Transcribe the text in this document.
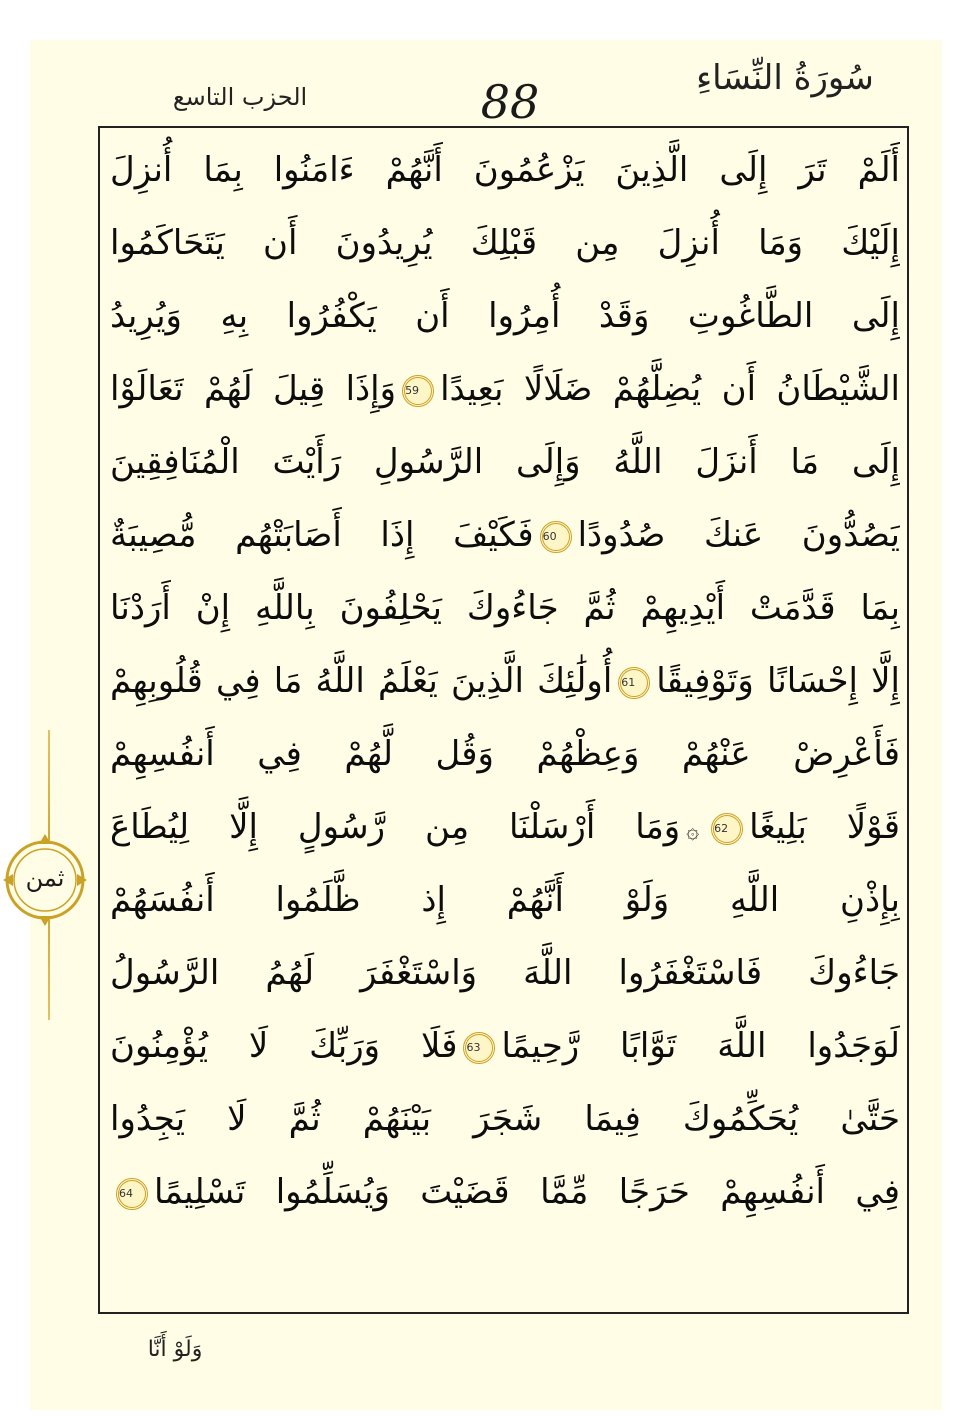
سُورَةُ النِّسَاءِ
88
الحزب التاسع
أَلَمْ تَرَ إِلَى الَّذِينَ يَزْعُمُونَ أَنَّهُمْ ءَامَنُوا بِمَا أُنزِلَ
إِلَيْكَ وَمَا أُنزِلَ مِن قَبْلِكَ يُرِيدُونَ أَن يَتَحَاكَمُوا
إِلَى الطَّاغُوتِ وَقَدْ أُمِرُوا أَن يَكْفُرُوا بِهِ وَيُرِيدُ
الشَّيْطَانُ أَن يُضِلَّهُمْ ضَلَالًا بَعِيدًا59وَإِذَا قِيلَ لَهُمْ تَعَالَوْا
إِلَى مَا أَنزَلَ اللَّهُ وَإِلَى الرَّسُولِ رَأَيْتَ الْمُنَافِقِينَ
يَصُدُّونَ عَنكَ صُدُودًا60فَكَيْفَ إِذَا أَصَابَتْهُم مُّصِيبَةٌ
بِمَا قَدَّمَتْ أَيْدِيهِمْ ثُمَّ جَاءُوكَ يَحْلِفُونَ بِاللَّهِ إِنْ أَرَدْنَا
إِلَّا إِحْسَانًا وَتَوْفِيقًا61أُولَٰئِكَ الَّذِينَ يَعْلَمُ اللَّهُ مَا فِي قُلُوبِهِمْ
فَأَعْرِضْ عَنْهُمْ وَعِظْهُمْ وَقُل لَّهُمْ فِي أَنفُسِهِمْ
قَوْلًا بَلِيغًا62۞وَمَا أَرْسَلْنَا مِن رَّسُولٍ إِلَّا لِيُطَاعَ
بِإِذْنِ اللَّهِ وَلَوْ أَنَّهُمْ إِذ ظَّلَمُوا أَنفُسَهُمْ
جَاءُوكَ فَاسْتَغْفَرُوا اللَّهَ وَاسْتَغْفَرَ لَهُمُ الرَّسُولُ
لَوَجَدُوا اللَّهَ تَوَّابًا رَّحِيمًا63فَلَا وَرَبِّكَ لَا يُؤْمِنُونَ
حَتَّىٰ يُحَكِّمُوكَ فِيمَا شَجَرَ بَيْنَهُمْ ثُمَّ لَا يَجِدُوا
فِي أَنفُسِهِمْ حَرَجًا مِّمَّا قَضَيْتَ وَيُسَلِّمُوا تَسْلِيمًا64
ثمن
وَلَوْ أَنَّا
